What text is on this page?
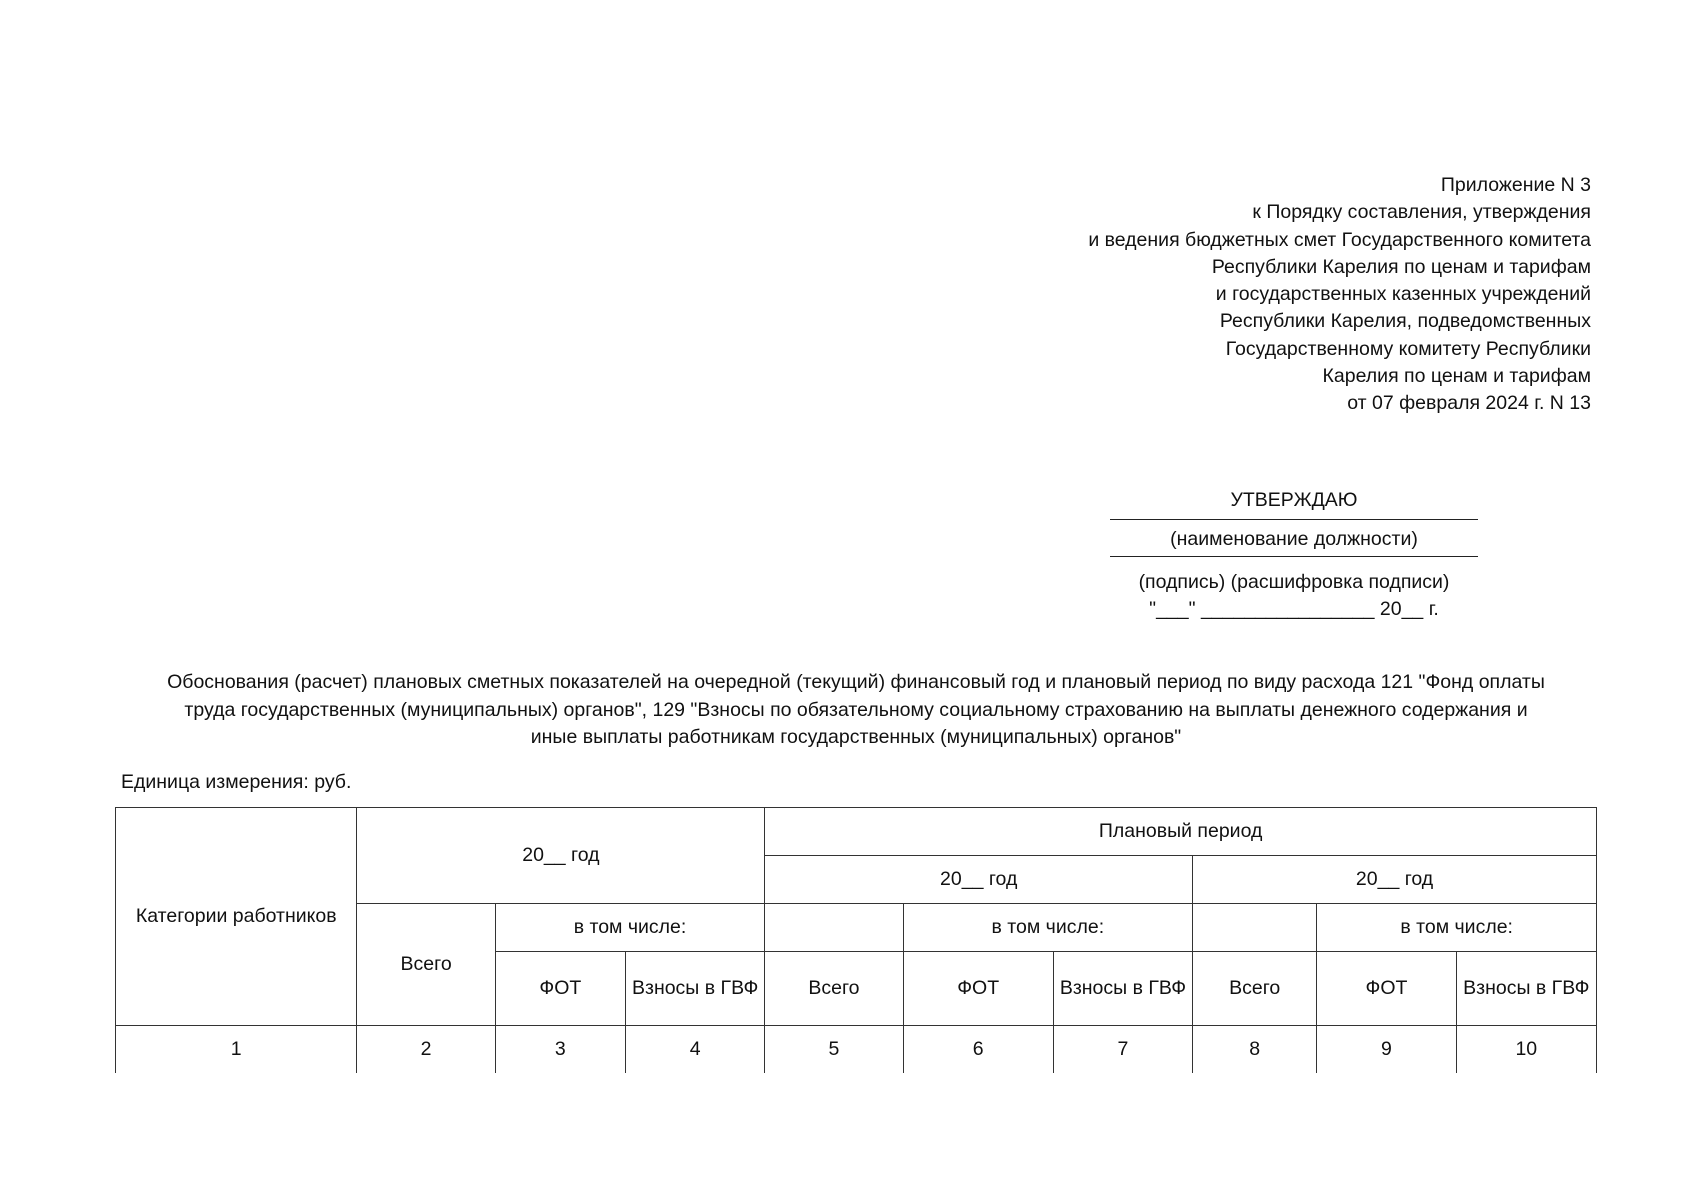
Приложение N 3
к Порядку составления, утверждения
и ведения бюджетных смет Государственного комитета
Республики Карелия по ценам и тарифам
и государственных казенных учреждений
Республики Карелия, подведомственных
Государственному комитету Республики
Карелия по ценам и тарифам
от 07 февраля 2024 г. N 13
УТВЕРЖДАЮ
(наименование должности)
(подпись) (расшифровка подписи)
"___" ________________ 20__ г.
Обоснования (расчет) плановых сметных показателей на очередной (текущий) финансовый год и плановый период по виду расхода 121 "Фонд оплаты
труда государственных (муниципальных) органов", 129 "Взносы по обязательному социальному страхованию на выплаты денежного содержания и
иные выплаты работникам государственных (муниципальных) органов"
Единица измерения: руб.
Категории работников	20__ год			Плановый период					
				20__ год			20__ год		
	Всего	в том числе:			в том числе:			в том числе:	
		ФОТ	Взносы в ГВФ	Всего	ФОТ	Взносы в ГВФ	Всего	ФОТ	Взносы в ГВФ
1	2	3	4	5	6	7	8	9	10
